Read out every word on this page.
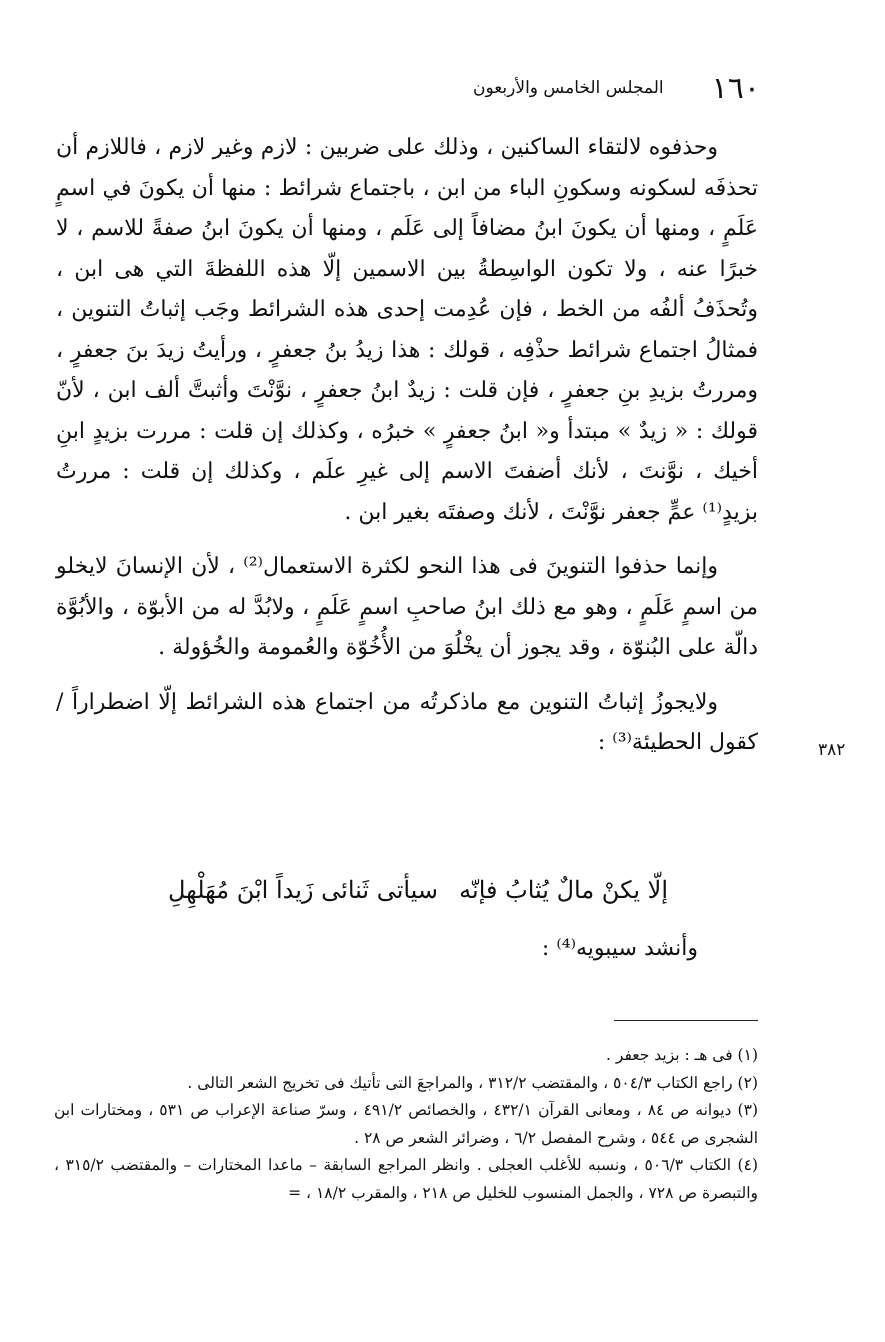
١٦٠
المجلس الخامس والأربعون

وحذفوه لالتقاء الساكنين ، وذلك على ضربين : لازم وغير لازم ، فاللازم أن تحذفَه لسكونه وسكونِ الباء من ابن ، باجتماع شرائط : منها أن يكونَ في اسمٍ عَلَمٍ ، ومنها أن يكونَ ابنُ مضافاً إلى عَلَم ، ومنها أن يكونَ ابنُ صفةً للاسم ، لا خبرًا عنه ، ولا تكون الواسِطةُ بين الاسمين إلّا هذه اللفظةَ التي هى ابن ، وتُحذَفُ ألفُه من الخط ، فإن عُدِمت إحدى هذه الشرائط وجَب إثباتُ التنوين ، فمثالُ اجتماع شرائط حذْفِه ، قولك : هذا زيدُ بنُ جعفرٍ ، ورأيتُ زيدَ بنَ جعفرٍ ، ومررتُ بزيدِ بنِ جعفرٍ ، فإن قلت : زيدٌ ابنُ جعفرٍ ، نوَّنْتَ وأثبتَّ ألف ابن ، لأنّ قولك : « زيدٌ » مبتدأ و« ابنُ جعفرٍ » خبرُه ، وكذلك إن قلت : مررت بزيدٍ ابنِ أخيك ، نوَّنتَ ، لأنك أضفتَ الاسم إلى غيرِ علَم ، وكذلك إن قلت : مررتُ بزيدٍ⁽¹⁾ عمٍّ جعفر نوَّنْتَ ، لأنك وصفتَه بغير ابن .

وإنما حذفوا التنوينَ فى هذا النحو لكثرة الاستعمال⁽²⁾ ، لأن الإنسانَ لايخلو من اسمٍ عَلَمٍ ، وهو مع ذلك ابنُ صاحبِ اسمٍ عَلَمٍ ، ولابُدَّ له من الأبوّة ، والأبُوَّة دالّة على البُنوّة ، وقد يجوز أن يخْلُوَ من الأُخُوّة والعُمومة والخُؤولة .

ولايجوزُ إثباتُ التنوين مع ماذكرتُه من اجتماع هذه الشرائط إلّا اضطراراً / كقول الحطيئة⁽³⁾ :	٣٨٢
إلّا يكنْ مالٌ يُثابُ فإنّه
سيأتى ثَنائى زَيداً ابْنَ مُهَلْهِلِ
وأنشد سيبويه⁽⁴⁾ :

(١) فى هـ : بزيد جعفر .

(٢) راجع الكتاب ٥٠٤/٣ ، والمقتضب ٣١٢/٢ ، والمراجعَ التى تأتيك فى تخريج الشعر التالى .

(٣) ديوانه ص ٨٤ ، ومعانى القرآن ٤٣٢/١ ، والخصائص ٤٩١/٢ ، وسرّ صناعة الإعراب ص ٥٣١ ، ومختارات ابن الشجرى ص ٥٤٤ ، وشرح المفصل ٦/٢ ، وضرائر الشعر ص ٢٨ .

(٤) الكتاب ٥٠٦/٣ ، ونسبه للأغلب العجلى . وانظر المراجع السابقة – ماعدا المختارات – والمقتضب ٣١٥/٢ ، والتبصرة ص ٧٢٨ ، والجمل المنسوب للخليل ص ٢١٨ ، والمقرب ١٨/٢ ، =
